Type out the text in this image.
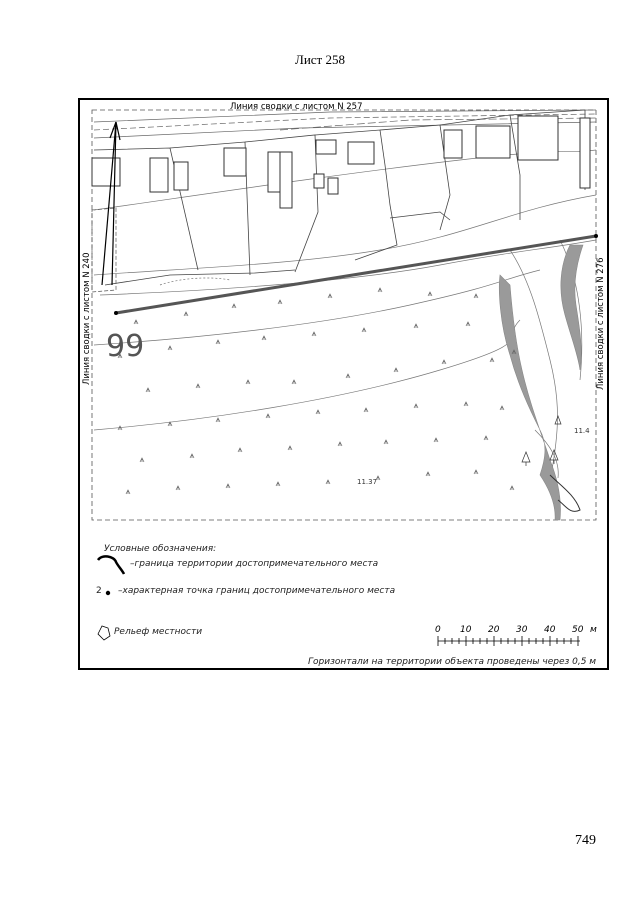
Лист 258
Линия сводки с листом N 257
Линия сводки с листом N 240	Линия сводки с листом N 276
99
11.37
11.4
0 10 20 30 40 50 м
Условные обозначения:
–граница территории достопримечательного места
2 –характерная точка границ достопримечательного места
Рельеф местности
Горизонтали на территории объекта проведены через 0,5 м
749
